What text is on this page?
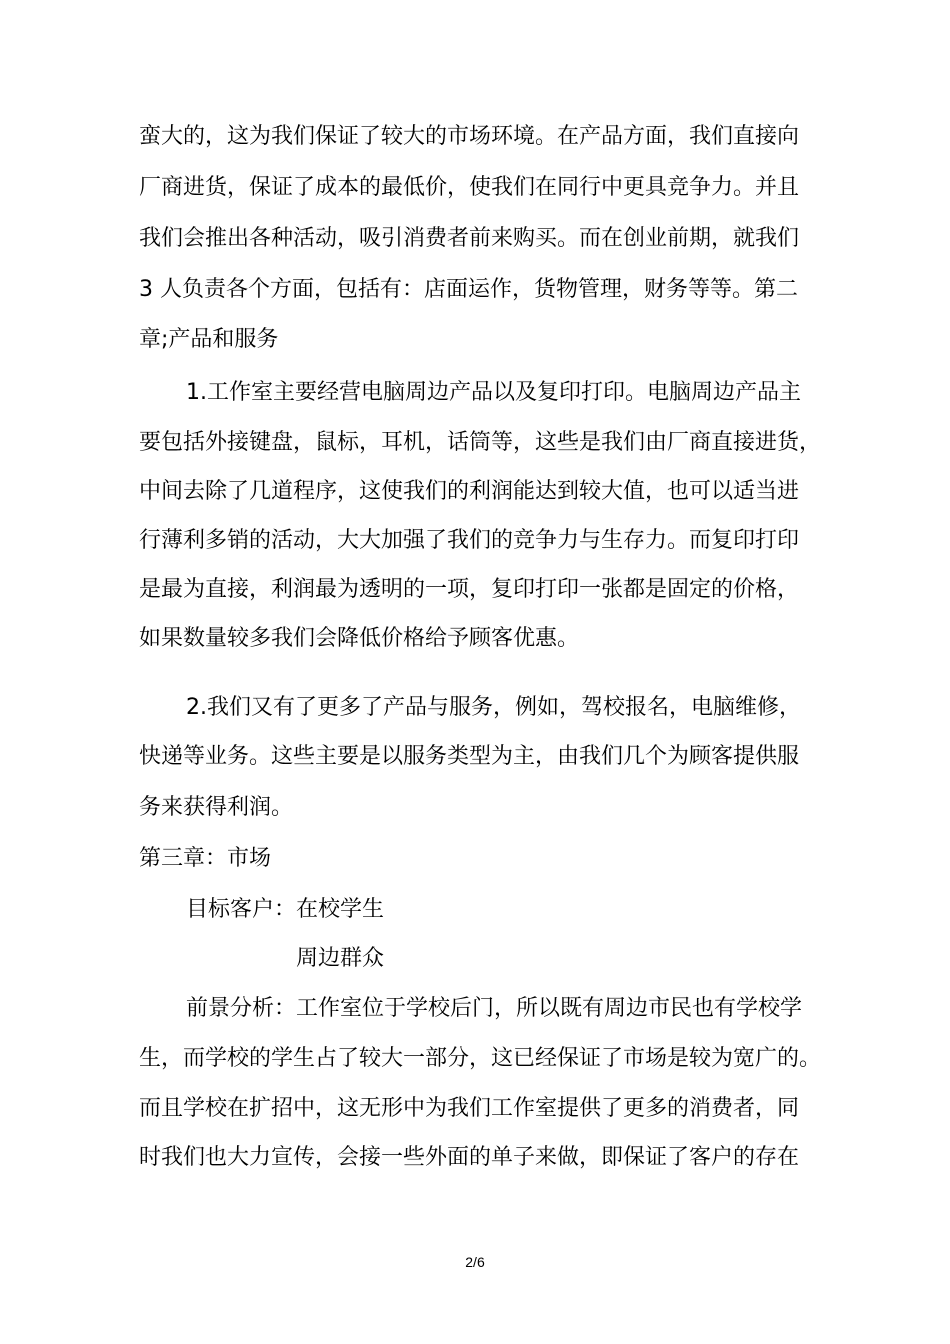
蛮大的，这为我们保证了较大的市场环境。在产品方面，我们直接向
厂商进货，保证了成本的最低价，使我们在同行中更具竞争力。并且
我们会推出各种活动，吸引消费者前来购买。而在创业前期，就我们
3 人负责各个方面，包括有：店面运作，货物管理，财务等等。第二
章;产品和服务
1.工作室主要经营电脑周边产品以及复印打印。电脑周边产品主
要包括外接键盘，鼠标，耳机，话筒等，这些是我们由厂商直接进货，
中间去除了几道程序，这使我们的利润能达到较大值，也可以适当进
行薄利多销的活动，大大加强了我们的竞争力与生存力。而复印打印
是最为直接，利润最为透明的一项，复印打印一张都是固定的价格，
如果数量较多我们会降低价格给予顾客优惠。
2.我们又有了更多了产品与服务，例如，驾校报名，电脑维修，
快递等业务。这些主要是以服务类型为主，由我们几个为顾客提供服
务来获得利润。
第三章：市场
目标客户：在校学生
周边群众
前景分析：工作室位于学校后门，所以既有周边市民也有学校学
生，而学校的学生占了较大一部分，这已经保证了市场是较为宽广的。
而且学校在扩招中，这无形中为我们工作室提供了更多的消费者，同
时我们也大力宣传，会接一些外面的单子来做，即保证了客户的存在
2/6
